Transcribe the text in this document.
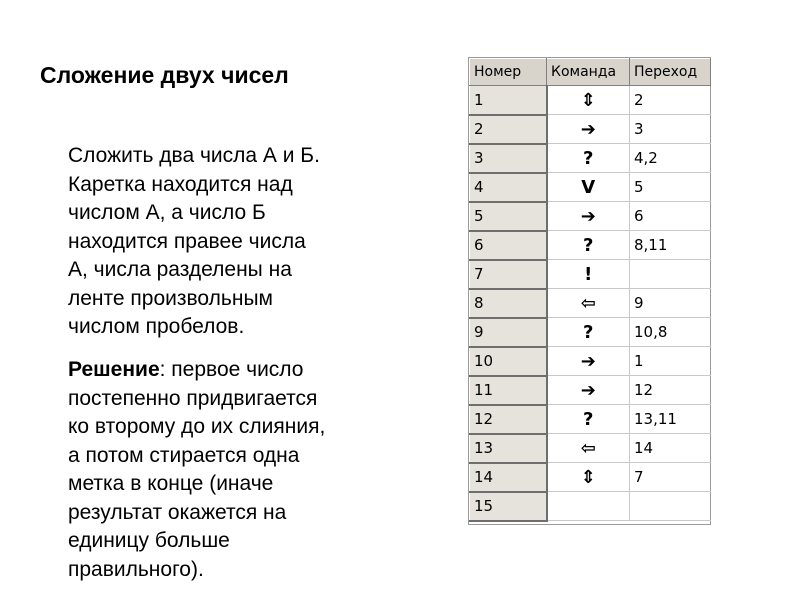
Сложение двух чисел

Сложить два числа А и Б.
Каретка находится над
числом А, а число Б
находится правее числа
А, числа разделены на
ленте произвольным
числом пробелов.

Решение: первое число
постепенно придвигается
ко второму до их слияния,
а потом стирается одна
метка в конце (иначе
результат окажется на
единицу больше
правильного).

Номер	Команда	Переход
1	⇕	2
2	➔	3
3	?	4,2
4	V	5
5	➔	6
6	?	8,11
7	!	
8	⇦	9
9	?	10,8
10	➔	1
11	➔	12
12	?	13,11
13	⇦	14
14	⇕	7
15		
